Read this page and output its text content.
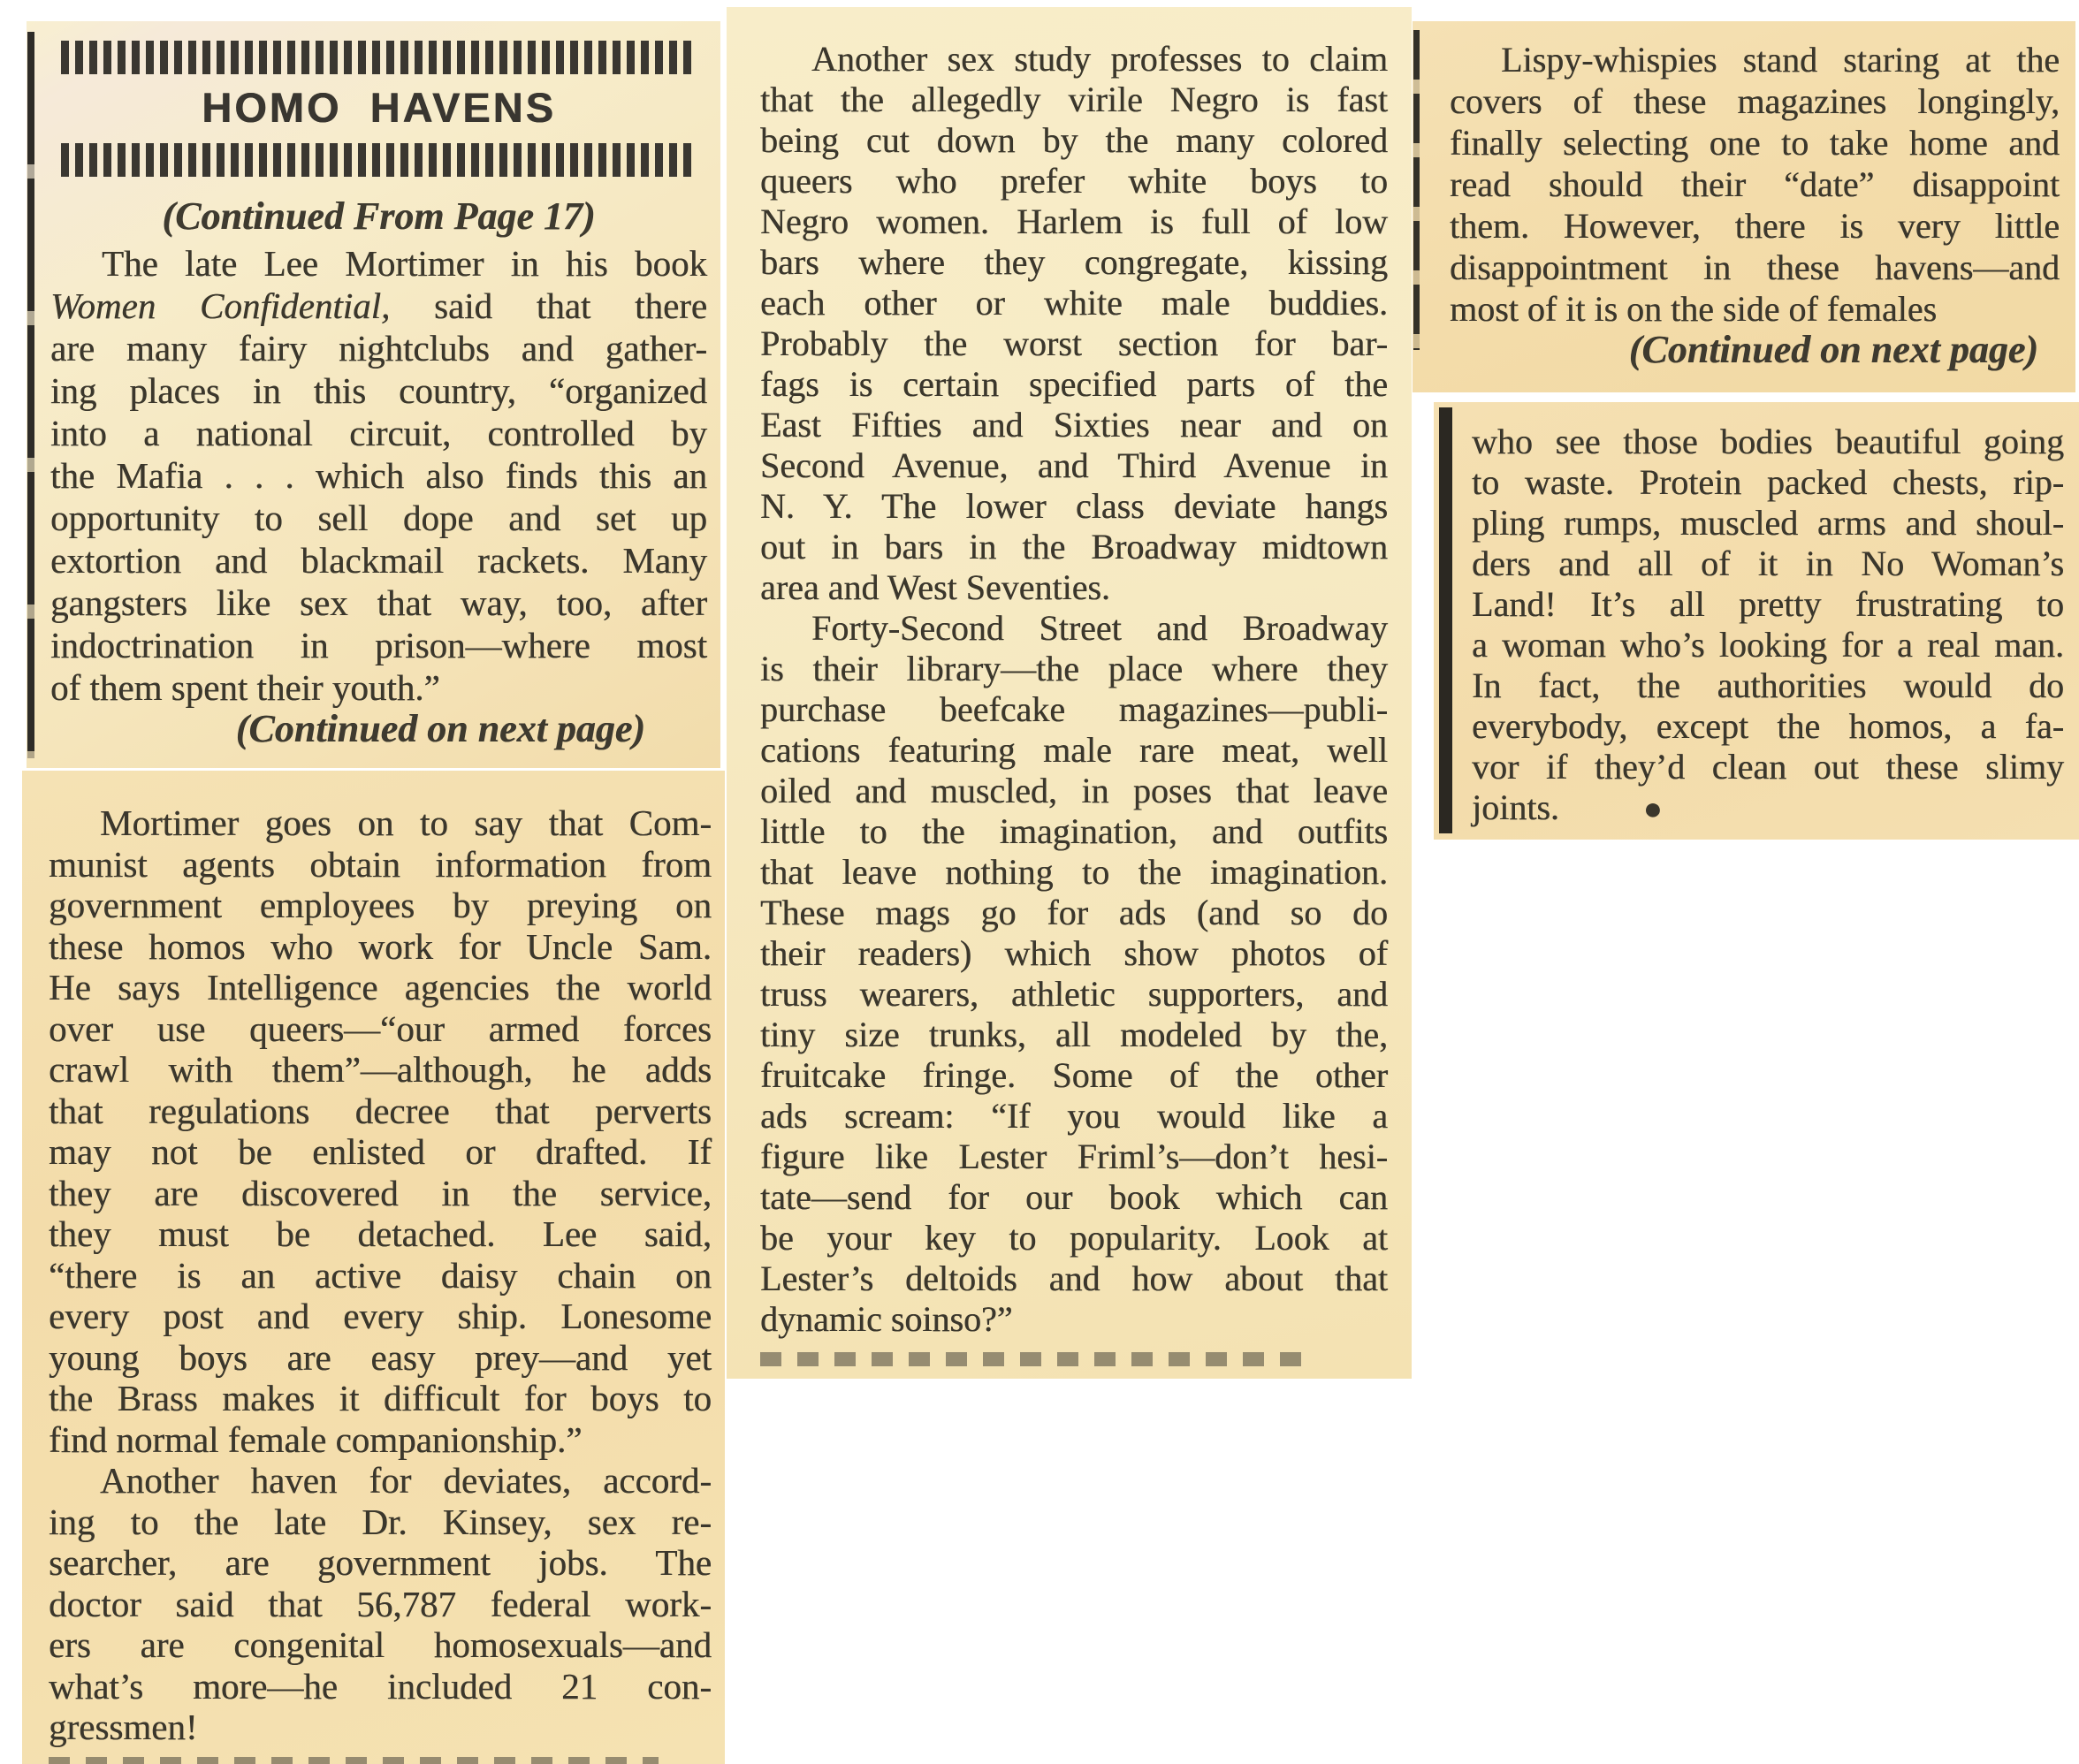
HOMO HAVENS
(Continued From Page 17)
The late Lee Mortimer in his book
Women Confidential, said that there
are many fairy nightclubs and gather-
ing places in this country, “organized
into a national circuit, controlled by
the Mafia . . . which also finds this an
opportunity to sell dope and set up
extortion and blackmail rackets. Many
gangsters like sex that way, too, after
indoctrination in prison—where most
of them spent their youth.”
(Continued on next page)
Mortimer goes on to say that Com-
munist agents obtain information from
government employees by preying on
these homos who work for Uncle Sam.
He says Intelligence agencies the world
over use queers—“our armed forces
crawl with them”—although, he adds
that regulations decree that perverts
may not be enlisted or drafted. If
they are discovered in the service,
they must be detached. Lee said,
“there is an active daisy chain on
every post and every ship. Lonesome
young boys are easy prey—and yet
the Brass makes it difficult for boys to
find normal female companionship.”
Another haven for deviates, accord-
ing to the late Dr. Kinsey, sex re-
searcher, are government jobs. The
doctor said that 56,787 federal work-
ers are congenital homosexuals—and
what’s more—he included 21 con-
gressmen!
Another sex study professes to claim
that the allegedly virile Negro is fast
being cut down by the many colored
queers who prefer white boys to
Negro women. Harlem is full of low
bars where they congregate, kissing
each other or white male buddies.
Probably the worst section for bar-
fags is certain specified parts of the
East Fifties and Sixties near and on
Second Avenue, and Third Avenue in
N. Y. The lower class deviate hangs
out in bars in the Broadway midtown
area and West Seventies.
Forty-Second Street and Broadway
is their library—the place where they
purchase beefcake magazines—publi-
cations featuring male rare meat, well
oiled and muscled, in poses that leave
little to the imagination, and outfits
that leave nothing to the imagination.
These mags go for ads (and so do
their readers) which show photos of
truss wearers, athletic supporters, and
tiny size trunks, all modeled by the,
fruitcake fringe. Some of the other
ads scream: “If you would like a
figure like Lester Friml’s—don’t hesi-
tate—send for our book which can
be your key to popularity. Look at
Lester’s deltoids and how about that
dynamic soinso?”
Lispy-whispies stand staring at the
covers of these magazines longingly,
finally selecting one to take home and
read should their “date” disappoint
them. However, there is very little
disappointment in these havens—and
most of it is on the side of females
(Continued on next page)
who see those bodies beautiful going
to waste. Protein packed chests, rip-
pling rumps, muscled arms and shoul-
ders and all of it in No Woman’s
Land! It’s all pretty frustrating to
a woman who’s looking for a real man.
In fact, the authorities would do
everybody, except the homos, a fa-
vor if they’d clean out these slimy
joints.	●
